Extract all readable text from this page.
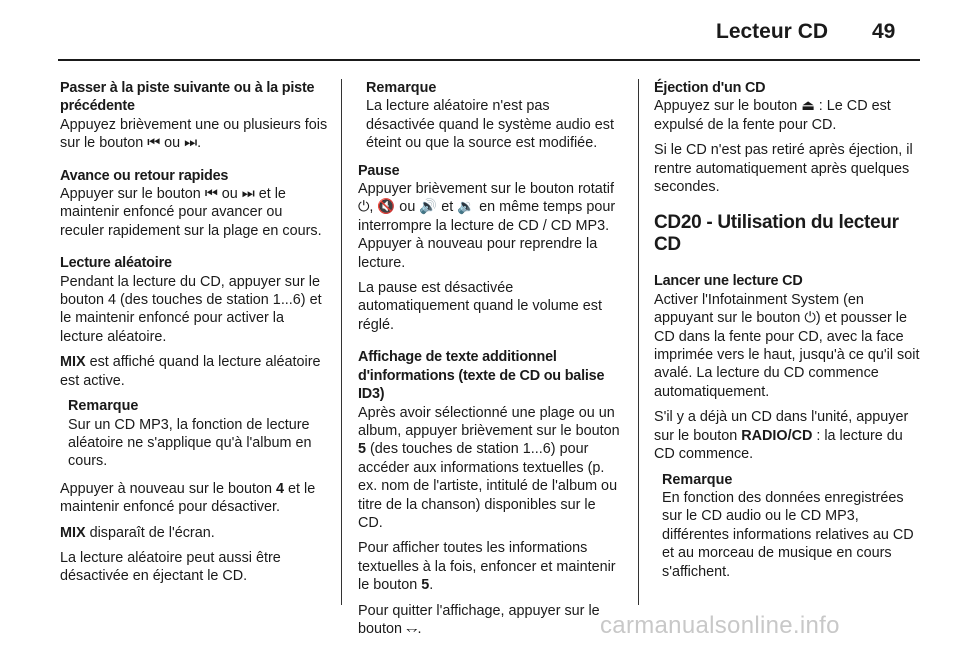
Lecteur CD 49
Passer à la piste suivante ou à la piste précédente
Appuyez brièvement une ou plusieurs fois sur le bouton ⏮ ou ⏭.
Avance ou retour rapides
Appuyer sur le bouton ⏮ ou ⏭ et le maintenir enfoncé pour avancer ou reculer rapidement sur la plage en cours.
Lecture aléatoire
Pendant la lecture du CD, appuyer sur le bouton 4 (des touches de station 1...6) et le maintenir enfoncé pour activer la lecture aléatoire.
MIX est affiché quand la lecture aléatoire est active.
Remarque
Sur un CD MP3, la fonction de lecture aléatoire ne s'applique qu'à l'album en cours.
Appuyer à nouveau sur le bouton 4 et le maintenir enfoncé pour désactiver.
MIX disparaît de l'écran.
La lecture aléatoire peut aussi être désactivée en éjectant le CD.
Remarque
La lecture aléatoire n'est pas désactivée quand le système audio est éteint ou que la source est modifiée.
Pause
Appuyer brièvement sur le bouton rotatif ⏻, 🔇 ou 🔊 et 🔉 en même temps pour interrompre la lecture de CD / CD MP3. Appuyer à nouveau pour reprendre la lecture.
La pause est désactivée automatiquement quand le volume est réglé.
Affichage de texte additionnel d'informations (texte de CD ou balise ID3)
Après avoir sélectionné une plage ou un album, appuyer brièvement sur le bouton 5 (des touches de station 1...6) pour accéder aux informations textuelles (p. ex. nom de l'artiste, intitulé de l'album ou titre de la chanson) disponibles sur le CD.
Pour afficher toutes les informations textuelles à la fois, enfoncer et maintenir le bouton 5.
Pour quitter l'affichage, appuyer sur le bouton ⥐.
Éjection d'un CD
Appuyez sur le bouton ⏏ : Le CD est expulsé de la fente pour CD.
Si le CD n'est pas retiré après éjection, il rentre automatiquement après quelques secondes.
CD20 - Utilisation du lecteur CD
Lancer une lecture CD
Activer l'Infotainment System (en appuyant sur le bouton ⏻) et pousser le CD dans la fente pour CD, avec la face imprimée vers le haut, jusqu'à ce qu'il soit avalé. La lecture du CD commence automatiquement.
S'il y a déjà un CD dans l'unité, appuyer sur le bouton RADIO/CD : la lecture du CD commence.
Remarque
En fonction des données enregistrées sur le CD audio ou le CD MP3, différentes informations relatives au CD et au morceau de musique en cours s'affichent.
carmanualsonline.info
